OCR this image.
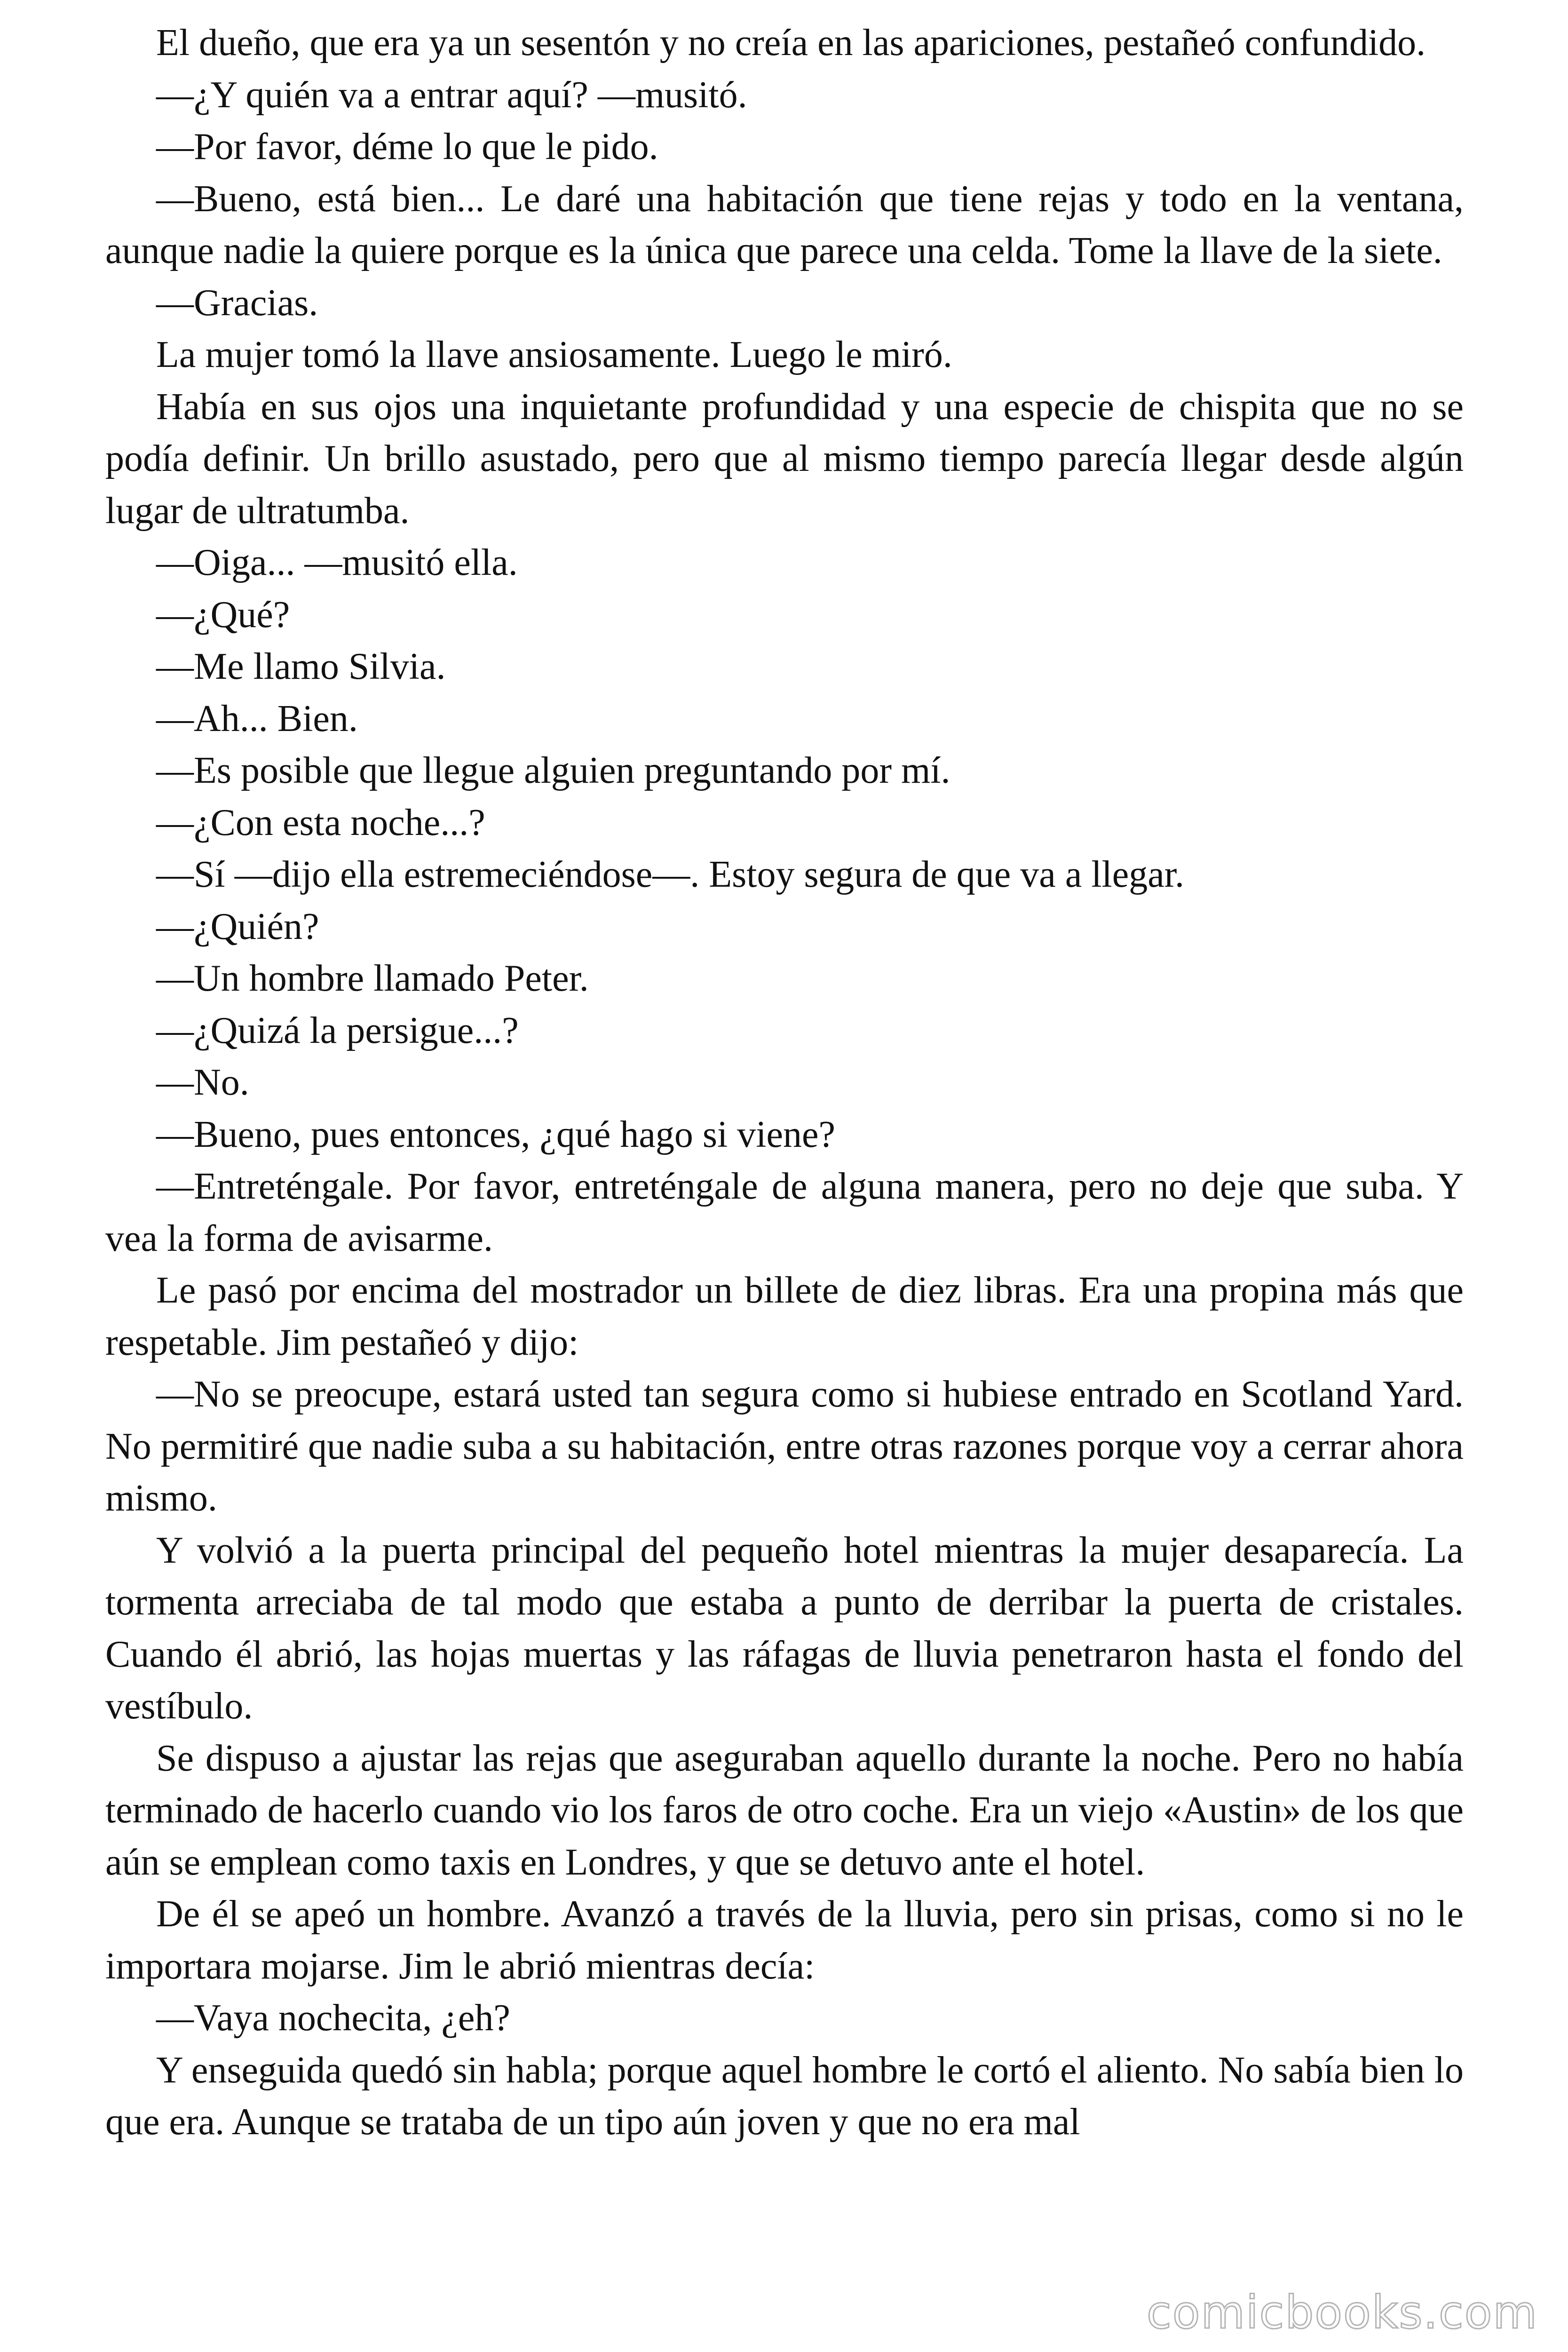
El dueño, que era ya un sesentón y no creía en las apariciones, pestañeó confundido.

—¿Y quién va a entrar aquí? —musitó.

—Por favor, déme lo que le pido.

—Bueno, está bien... Le daré una habitación que tiene rejas y todo en la ventana, aunque nadie la quiere porque es la única que parece una celda. Tome la llave de la siete.

—Gracias.

La mujer tomó la llave ansiosamente. Luego le miró.

Había en sus ojos una inquietante profundidad y una especie de chispita que no se podía definir. Un brillo asustado, pero que al mismo tiempo parecía llegar desde algún lugar de ultratumba.

—Oiga... —musitó ella.

—¿Qué?

—Me llamo Silvia.

—Ah... Bien.

—Es posible que llegue alguien preguntando por mí.

—¿Con esta noche...?

—Sí —dijo ella estremeciéndose—. Estoy segura de que va a llegar.

—¿Quién?

—Un hombre llamado Peter.

—¿Quizá la persigue...?

—No.

—Bueno, pues entonces, ¿qué hago si viene?

—Entreténgale. Por favor, entreténgale de alguna manera, pero no deje que suba. Y vea la forma de avisarme.

Le pasó por encima del mostrador un billete de diez libras. Era una propina más que respetable. Jim pestañeó y dijo:

—No se preocupe, estará usted tan segura como si hubiese entrado en Scotland Yard. No permitiré que nadie suba a su habitación, entre otras razones porque voy a cerrar ahora mismo.

Y volvió a la puerta principal del pequeño hotel mientras la mujer desaparecía. La tormenta arreciaba de tal modo que estaba a punto de derribar la puerta de cristales. Cuando él abrió, las hojas muertas y las ráfagas de lluvia penetraron hasta el fondo del vestíbulo.

Se dispuso a ajustar las rejas que aseguraban aquello durante la noche. Pero no había terminado de hacerlo cuando vio los faros de otro coche. Era un viejo «Austin» de los que aún se emplean como taxis en Londres, y que se detuvo ante el hotel.

De él se apeó un hombre. Avanzó a través de la lluvia, pero sin prisas, como si no le importara mojarse. Jim le abrió mientras decía:

—Vaya nochecita, ¿eh?

Y enseguida quedó sin habla; porque aquel hombre le cortó el aliento. No sabía bien lo que era. Aunque se trataba de un tipo aún joven y que no era mal

comicbooks.com
